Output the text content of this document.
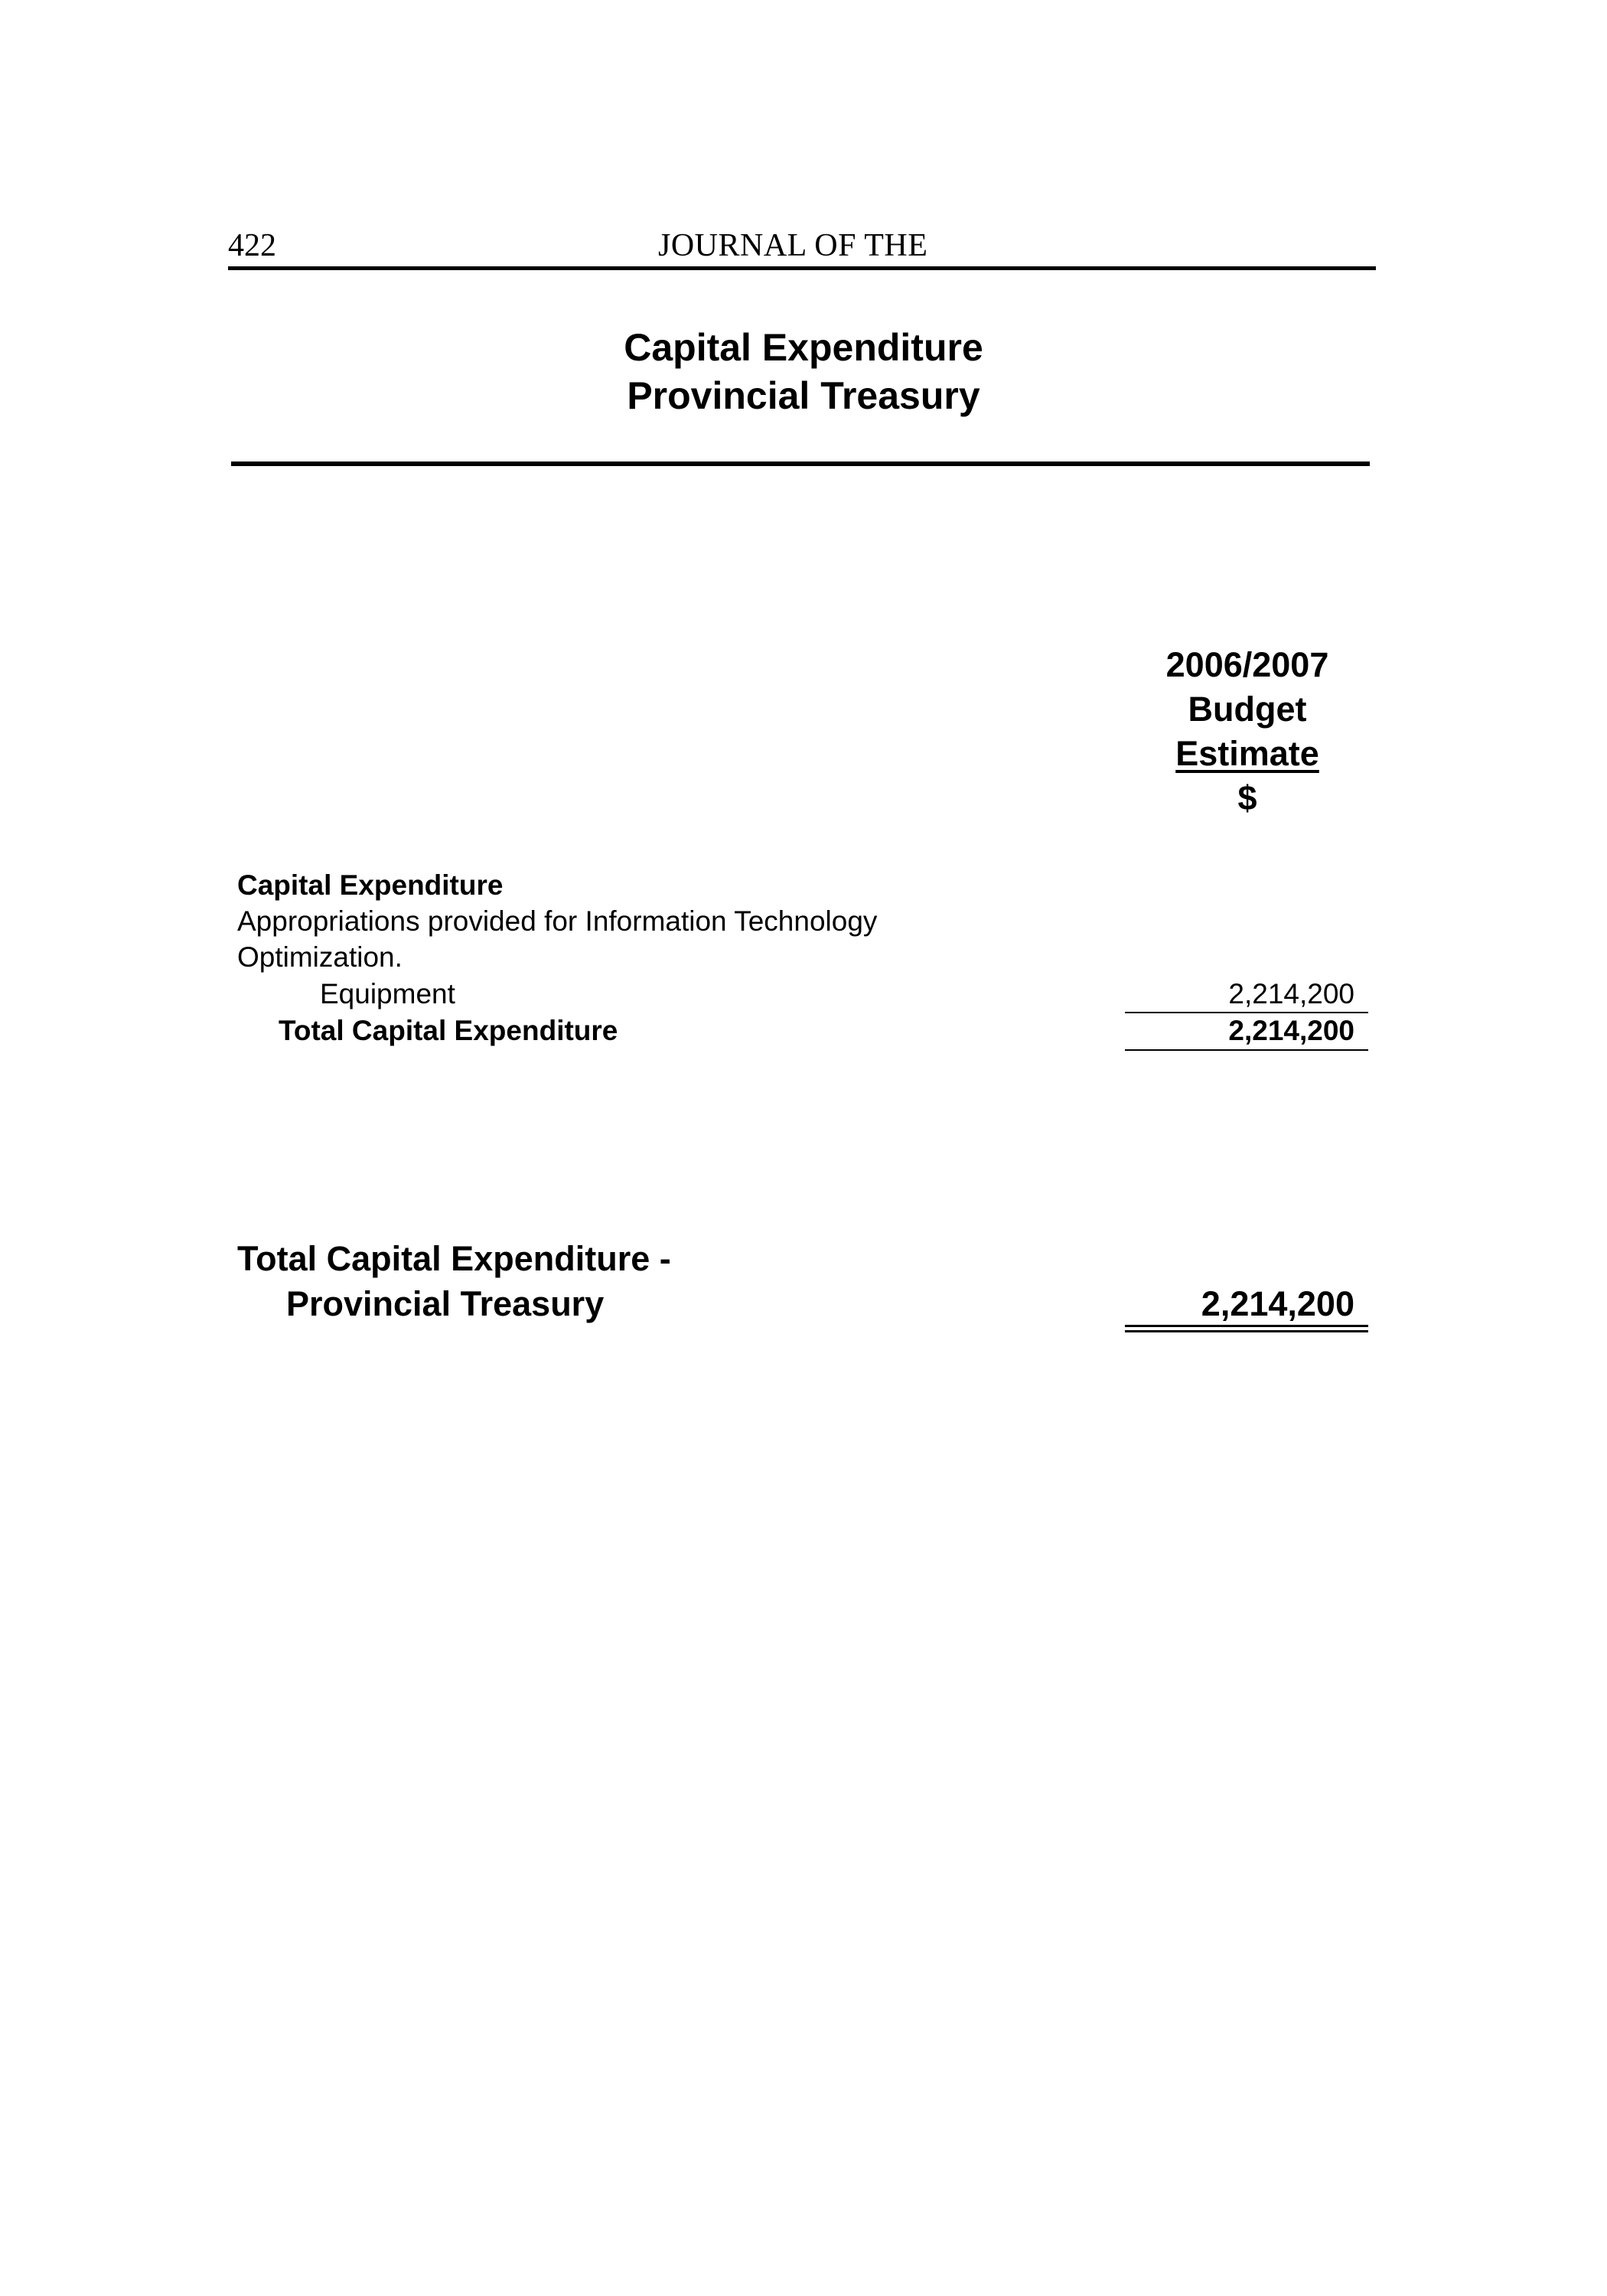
422	JOURNAL OF THE
Capital Expenditure
Provincial Treasury
2006/2007
Budget
Estimate
$
Capital Expenditure
Appropriations provided for Information Technology
Optimization.
Equipment	2,214,200
Total Capital Expenditure	2,214,200
Total Capital Expenditure -
Provincial Treasury	2,214,200
